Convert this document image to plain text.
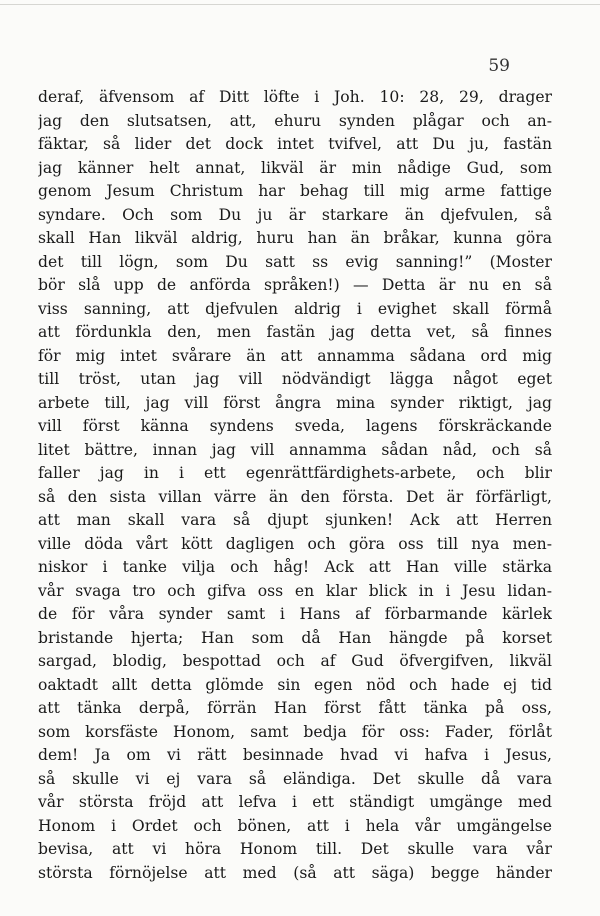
59
deraf, äfvensom af Ditt löfte i Joh. 10: 28, 29, drager
jag den slutsatsen, att, ehuru synden plågar och an-
fäktar, så lider det dock intet tvifvel, att Du ju, fastän
jag känner helt annat, likväl är min nådige Gud, som
genom Jesum Christum har behag till mig arme fattige
syndare. Och som Du ju är starkare än djefvulen, så
skall Han likväl aldrig, huru han än bråkar, kunna göra
det till lögn, som Du satt ss evig sanning!” (Moster
bör slå upp de anförda språken!) — Detta är nu en så
viss sanning, att djefvulen aldrig i evighet skall förmå
att fördunkla den, men fastän jag detta vet, så finnes
för mig intet svårare än att annamma sådana ord mig
till tröst, utan jag vill nödvändigt lägga något eget
arbete till, jag vill först ångra mina synder riktigt, jag
vill först känna syndens sveda, lagens förskräckande
litet bättre, innan jag vill annamma sådan nåd, och så
faller jag in i ett egenrättfärdighets-arbete, och blir
så den sista villan värre än den första. Det är förfärligt,
att man skall vara så djupt sjunken! Ack att Herren
ville döda vårt kött dagligen och göra oss till nya men-
niskor i tanke vilja och håg! Ack att Han ville stärka
vår svaga tro och gifva oss en klar blick in i Jesu lidan-
de för våra synder samt i Hans af förbarmande kärlek
bristande hjerta; Han som då Han hängde på korset
sargad, blodig, bespottad och af Gud öfvergifven, likväl
oaktadt allt detta glömde sin egen nöd och hade ej tid
att tänka derpå, förrän Han först fått tänka på oss,
som korsfäste Honom, samt bedja för oss: Fader, förlåt
dem! Ja om vi rätt besinnade hvad vi hafva i Jesus,
så skulle vi ej vara så eländiga. Det skulle då vara
vår största fröjd att lefva i ett ständigt umgänge med
Honom i Ordet och bönen, att i hela vår umgängelse
bevisa, att vi höra Honom till. Det skulle vara vår
största förnöjelse att med (så att säga) begge händer
